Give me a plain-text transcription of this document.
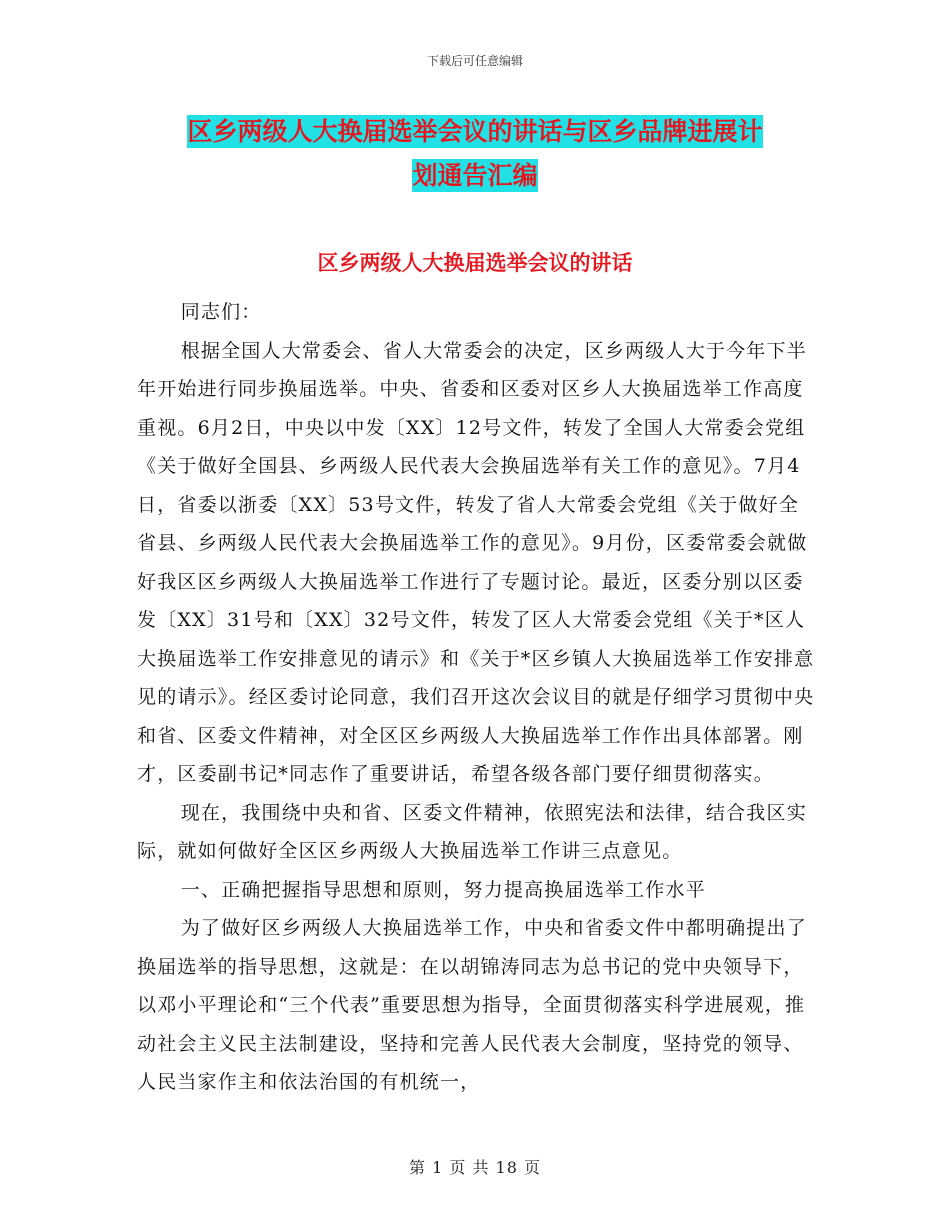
下载后可任意编辑
区乡两级人大换届选举会议的讲话与区乡品牌进展计
划通告汇编
区乡两级人大换届选举会议的讲话

同志们：

根据全国人大常委会、省人大常委会的决定，区乡两级人大于今年下半年开始进行同步换届选举。中央、省委和区委对区乡人大换届选举工作高度重视。6月2日，中央以中发〔XX〕12号文件，转发了全国人大常委会党组《关于做好全国县、乡两级人民代表大会换届选举有关工作的意见》。7月4日，省委以浙委〔XX〕53号文件，转发了省人大常委会党组《关于做好全省县、乡两级人民代表大会换届选举工作的意见》。9月份，区委常委会就做好我区区乡两级人大换届选举工作进行了专题讨论。最近，区委分别以区委发〔XX〕31号和〔XX〕32号文件，转发了区人大常委会党组《关于*区人大换届选举工作安排意见的请示》和《关于*区乡镇人大换届选举工作安排意见的请示》。经区委讨论同意，我们召开这次会议目的就是仔细学习贯彻中央和省、区委文件精神，对全区区乡两级人大换届选举工作作出具体部署。刚才，区委副书记*同志作了重要讲话，希望各级各部门要仔细贯彻落实。

现在，我围绕中央和省、区委文件精神，依照宪法和法律，结合我区实际，就如何做好全区区乡两级人大换届选举工作讲三点意见。

一、正确把握指导思想和原则，努力提高换届选举工作水平

为了做好区乡两级人大换届选举工作，中央和省委文件中都明确提出了换届选举的指导思想，这就是：在以胡锦涛同志为总书记的党中央领导下，以邓小平理论和“三个代表”重要思想为指导，全面贯彻落实科学进展观，推动社会主义民主法制建设，坚持和完善人民代表大会制度，坚持党的领导、人民当家作主和依法治国的有机统一，

第 1 页 共 18 页
